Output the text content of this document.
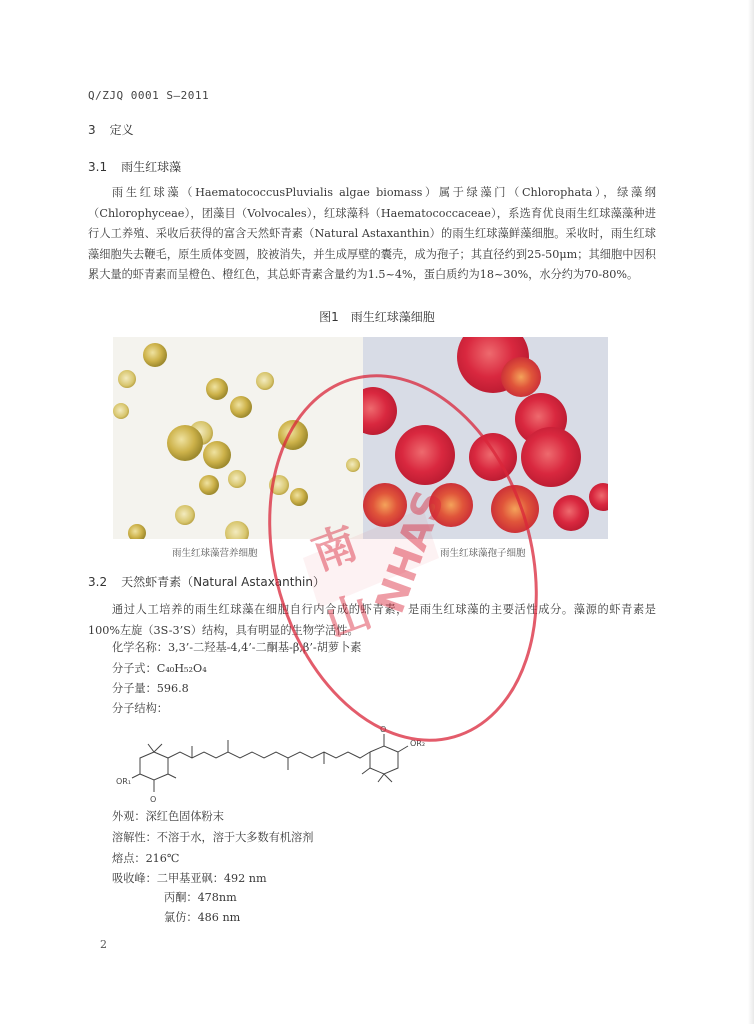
Q/ZJQ 0001 S—2011
3 定义
3.1 雨生红球藻

雨生红球藻（HaematococcusPluvialis algae biomass）属于绿藻门（Chlorophata），绿藻纲（Chlorophyceae），团藻目（Volvocales），红球藻科（Haematococcaceae），系选育优良雨生红球藻藻种进行人工养殖、采收后获得的富含天然虾青素（Natural Astaxanthin）的雨生红球藻鲜藻细胞。采收时，雨生红球藻细胞失去鞭毛，原生质体变圆，胶被消失，并生成厚壁的囊壳，成为孢子；其直径约到25-50μm；其细胞中因积累大量的虾青素而呈橙色、橙红色，其总虾青素含量约为1.5~4%，蛋白质约为18~30%，水分约为70-80%。

图1　雨生红球藻细胞
雨生红球藻营养细胞	雨生红球藻孢子细胞
3.2 天然虾青素（Natural Astaxanthin）

通过人工培养的雨生红球藻在细胞自行内合成的虾青素，是雨生红球藻的主要活性成分。藻源的虾青素是100%左旋（3S-3’S）结构，具有明显的生物学活性。

化学名称：3,3’-二羟基-4,4’-二酮基-β,β’-胡萝卜素
分子式：C₄₀H₅₂O₄
分子量：596.8
分子结构：
O
OR₂
OR₁
O
外观：深红色固体粉末
溶解性：不溶于水，溶于大多数有机溶剂
熔点：216℃
吸收峰：二甲基亚砜：492 nm
丙酮：478nm
氯仿：486 nm
2
南
山
NHAS
